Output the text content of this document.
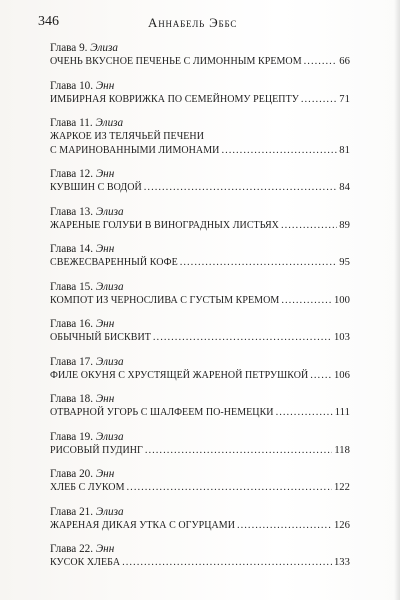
346	Аннабель Эббс
Глава 9. Элиза
ОЧЕНЬ ВКУСНОЕ ПЕЧЕНЬЕ С ЛИМОННЫМ КРЕМОМ .....	66
Глава 10. Энн
ИМБИРНАЯ КОВРИЖКА ПО СЕМЕЙНОМУ РЕЦЕПТУ .....	71
Глава 11. Элиза
ЖАРКОЕ ИЗ ТЕЛЯЧЬЕЙ ПЕЧЕНИ
С МАРИНОВАННЫМИ ЛИМОНАМИ .....	81
Глава 12. Энн
КУВШИН С ВОДОЙ .....	84
Глава 13. Элиза
ЖАРЕНЫЕ ГОЛУБИ В ВИНОГРАДНЫХ ЛИСТЬЯХ .....	89
Глава 14. Энн
СВЕЖЕСВАРЕННЫЙ КОФЕ .....	95
Глава 15. Элиза
КОМПОТ ИЗ ЧЕРНОСЛИВА С ГУСТЫМ КРЕМОМ .....	100
Глава 16. Энн
ОБЫЧНЫЙ БИСКВИТ .....	103
Глава 17. Элиза
ФИЛЕ ОКУНЯ С ХРУСТЯЩЕЙ ЖАРЕНОЙ ПЕТРУШКОЙ ..... 106
Глава 18. Энн
ОТВАРНОЙ УГОРЬ С ШАЛФЕЕМ ПО-НЕМЕЦКИ .....	111
Глава 19. Элиза
РИСОВЫЙ ПУДИНГ .....	118
Глава 20. Энн
ХЛЕБ С ЛУКОМ .....	122
Глава 21. Элиза
ЖАРЕНАЯ ДИКАЯ УТКА С ОГУРЦАМИ .....	126
Глава 22. Энн
КУСОК ХЛЕБА .....	133
